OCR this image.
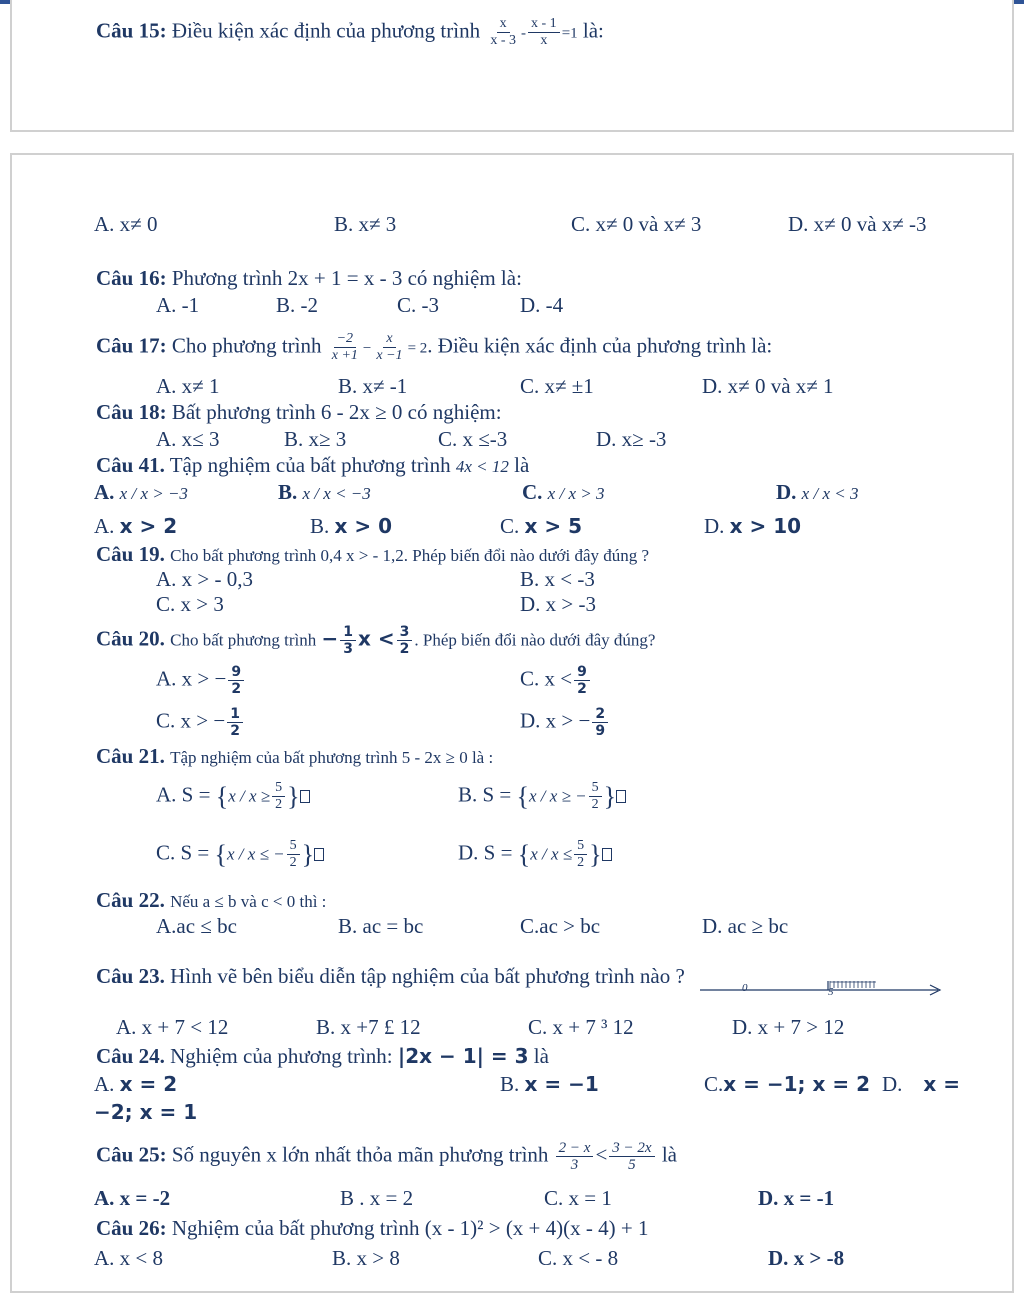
Câu 15: Điều kiện xác định của phương trình $\frac{x}{x - 3} - \frac{x - 1}{x} =1$ là:
A. x≠ 0	B. x≠ 3	C. x≠ 0 và x≠ 3	D. x≠ 0 và x≠ -3
Câu 16: Phương trình 2x + 1 = x - 3 có nghiệm là:
A. -1	B. -2	C. -3	D. -4
Câu 17: Cho phương trình $\frac{-2}{x +1} - \frac{x}{x -1} = 2$. Điều kiện xác định của phương trình là:
A. x≠ 1	B. x≠ -1	C. x≠ ±1	D. x≠ 0 và x≠ 1
Câu 18: Bất phương trình 6 - 2x ≥ 0 có nghiệm:
A. x≤ 3	B. x≥ 3	C. x ≤-3	D. x≥ -3
Câu 41. Tập nghiệm của bất phương trình 4x < 12 là
A. x / x > −3	B. x / x < −3	C. x / x > 3	D. x / x < 3
A. x > 2	B. x > 0	C. x > 5	D. x > 10
Câu 19. Cho bất phương trình 0,4 x > - 1,2. Phép biến đổi nào dưới đây đúng ?
A. x > - 0,3	B. x < -3
C. x > 3	D. x > -3
Câu 20. Cho bất phương trình − $\frac{1}{3}$ $x < \frac{3}{2}$ . Phép biến đổi nào dưới đây đúng?
A. x > − $\frac{9}{2}$	C. $x < \frac{9}{2}$
C. x > − $\frac{1}{2}$	D. x > − $\frac{2}{9}$
Câu 21. Tập nghiệm của bất phương trình 5 - 2x ≥ 0 là :
A. $S = \{x / x \ge \frac{5}{2}$ }	B. S = {x / x ≥ − $\frac{5}{2}$ }
C. S = {x / x ≤ − $\frac{5}{2}$ }	D. $S = \{x / x \le \frac{5}{2}$ }
Câu 22. Nếu a ≤ b và c < 0 thì :
A.ac ≤ bc	B. ac = bc	C.ac > bc	D. ac ≥ bc
Câu 23. Hình vẽ bên biểu diễn tập nghiệm của bất phương trình nào ?	0	5
A. x + 7 < 12	B. x +7 £ 12	C. x + 7 ³ 12	D. x + 7 > 12
Câu 24. Nghiệm của phương trình: |2x − 1| = 3 là
A. x = 2	B. x = −1	C.x = −1; x = 2 D. x =
−2; x = 1
Câu 25: Số nguyên x lớn nhất thỏa mãn phương trình $\frac{2 - x}{3} < \frac{3 - 2x}{5}$ là
A. x = -2	B . x = 2	C. x = 1	D. x = -1
Câu 26: Nghiệm của bất phương trình (x - 1)² > (x + 4)(x - 4) + 1
A. x < 8	B. x > 8	C. x < - 8	D. x > -8
